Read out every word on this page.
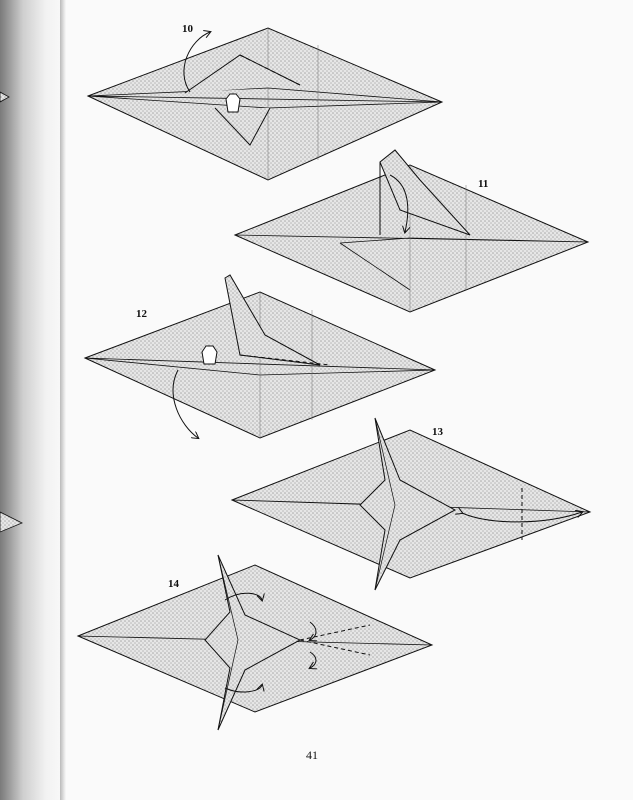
10
11
12
13
14
41
